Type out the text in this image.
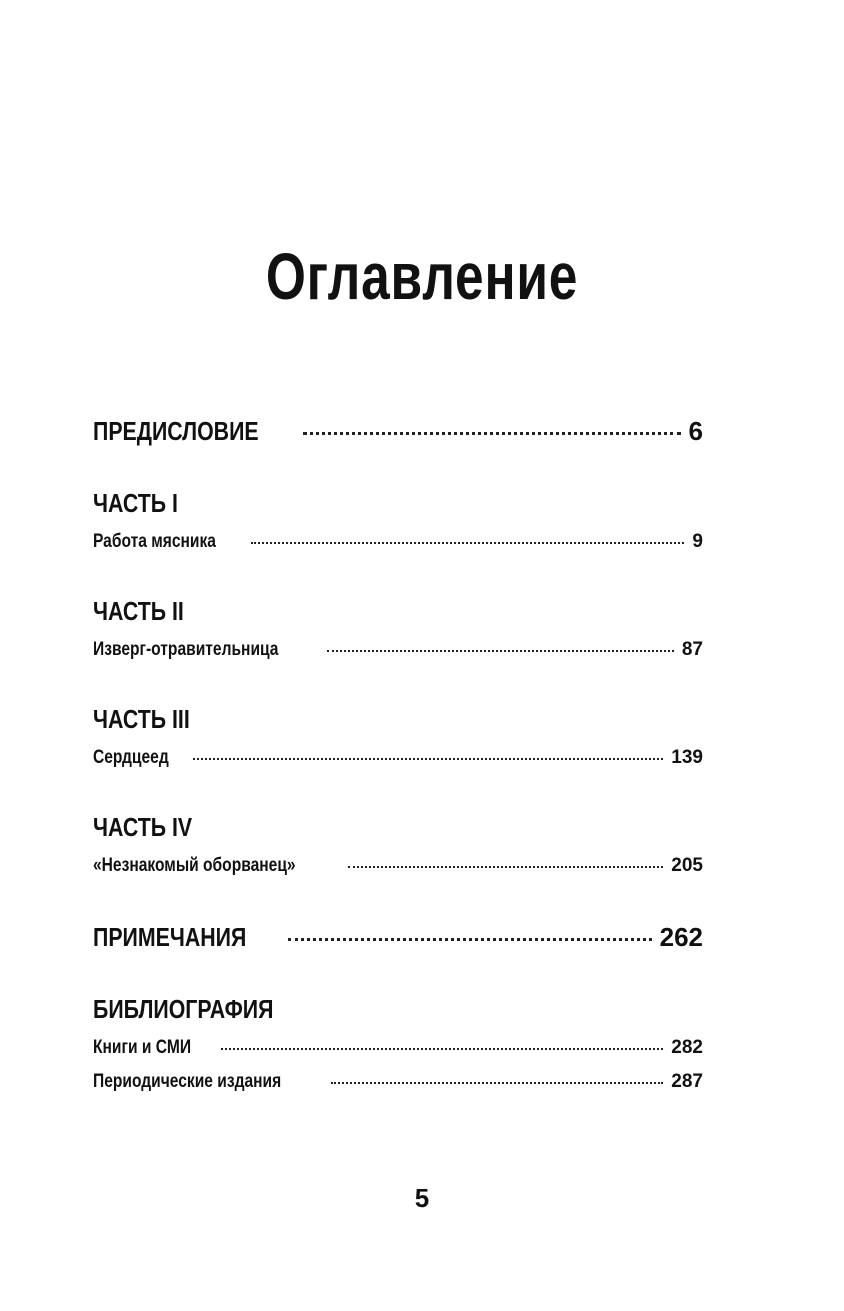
Оглавление
ПРЕДИСЛОВИЕ	6
ЧАСТЬ I
Работа мясника	9
ЧАСТЬ II
Изверг-отравительница	87
ЧАСТЬ III
Сердцеед	139
ЧАСТЬ IV
«Незнакомый оборванец»	205
ПРИМЕЧАНИЯ	262
БИБЛИОГРАФИЯ
Книги и СМИ	282
Периодические издания	287
5
